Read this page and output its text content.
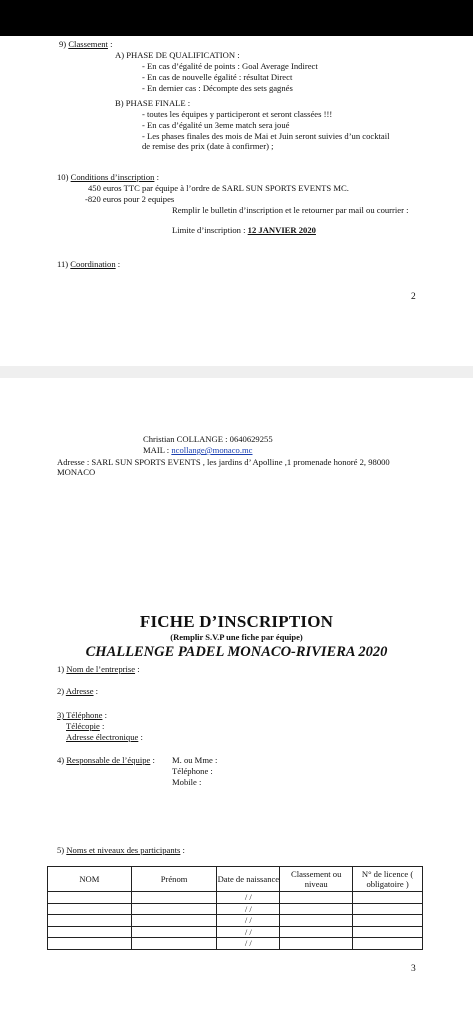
9) Classement :
A) PHASE DE QUALIFICATION :
- En cas d’égalité de points : Goal Average Indirect
- En cas de nouvelle égalité : résultat Direct
- En dernier cas : Décompte des sets gagnés
B) PHASE FINALE :
- toutes les équipes y participeront et seront classées !!!
- En cas d’égalité un 3eme match sera joué
- Les phases finales des mois de Mai et Juin seront suivies d’un cocktail
de remise des prix (date à confirmer) ;
10) Conditions d’inscription :
450 euros TTC par équipe à l’ordre de SARL SUN SPORTS EVENTS MC.
-820 euros pour 2 equipes
Remplir le bulletin d’inscription et le retourner par mail ou courrier :
Limite d’inscription : 12 JANVIER 2020
11) Coordination :
2
Christian COLLANGE : 0640629255
MAIL : ncollange@monaco.mc
Adresse : SARL SUN SPORTS EVENTS , les jardins d’ Apolline ,1 promenade honoré 2, 98000
MONACO
FICHE D’INSCRIPTION
(Remplir S.V.P une fiche par équipe)
CHALLENGE PADEL MONACO-RIVIERA 2020
1) Nom de l’entreprise :
2) Adresse :
3) Téléphone :
Télécopie :
Adresse électronique :
4) Responsable de l’équipe : M. ou Mme :
Téléphone :
Mobile :
5) Noms et niveaux des participants :
NOM	Prénom	Date de naissance	Classement ou niveau	N° de licence ( obligatoire )
		/ /		
		/ /		
		/ /		
		/ /		
		/ /		
3
